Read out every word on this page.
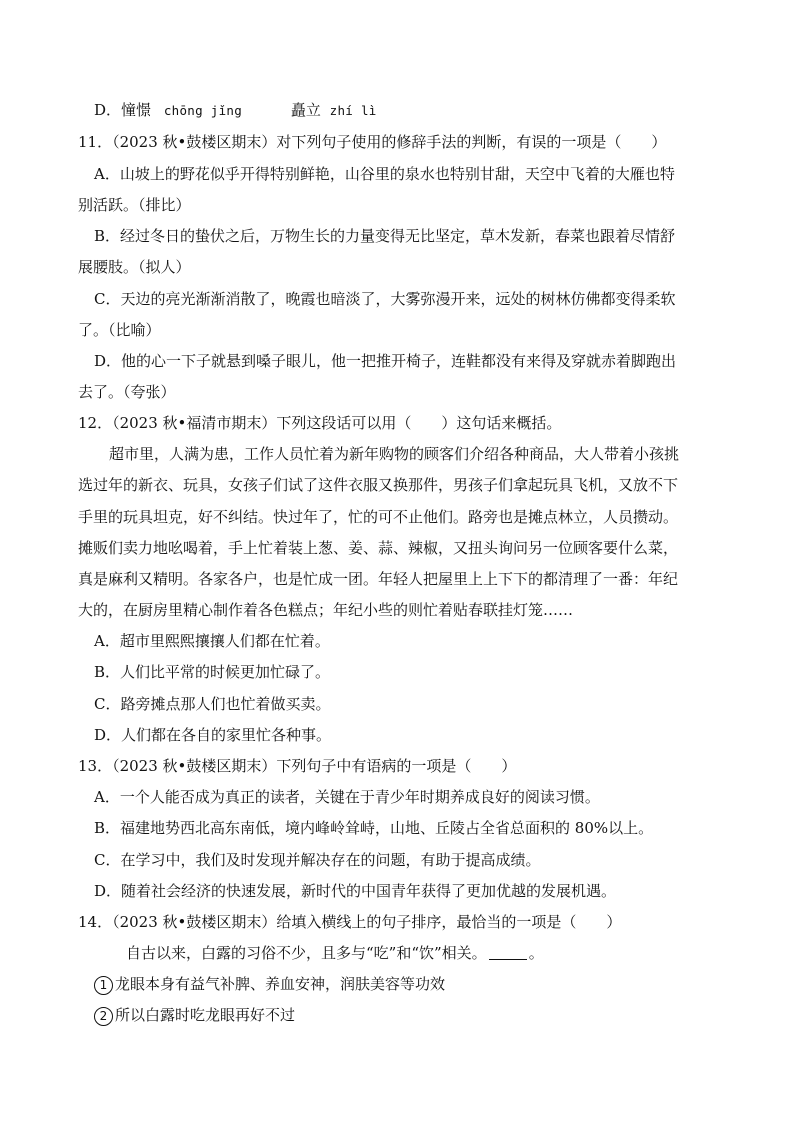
D．憧憬 chōng jǐng	矗立 zhí lì
11．（2023 秋•鼓楼区期末）对下列句子使用的修辞手法的判断，有误的一项是（　　）
A．山坡上的野花似乎开得特别鲜艳，山谷里的泉水也特别甘甜，天空中飞着的大雁也特
别活跃。（排比）
B．经过冬日的蛰伏之后，万物生长的力量变得无比坚定，草木发新，春菜也跟着尽情舒
展腰肢。（拟人）
C．天边的亮光渐渐消散了，晚霞也暗淡了，大雾弥漫开来，远处的树林仿佛都变得柔软
了。（比喻）
D．他的心一下子就悬到嗓子眼儿，他一把推开椅子，连鞋都没有来得及穿就赤着脚跑出
去了。（夸张）
12．（2023 秋•福清市期末）下列这段话可以用（　　）这句话来概括。
超市里，人满为患，工作人员忙着为新年购物的顾客们介绍各种商品，大人带着小孩挑
选过年的新衣、玩具，女孩子们试了这件衣服又换那件，男孩子们拿起玩具飞机，又放不下
手里的玩具坦克，好不纠结。快过年了，忙的可不止他们。路旁也是摊点林立，人员攒动。
摊贩们卖力地吆喝着，手上忙着装上葱、姜、蒜、辣椒，又扭头询问另一位顾客要什么菜，
真是麻利又精明。各家各户，也是忙成一团。年轻人把屋里上上下下的都清理了一番：年纪
大的，在厨房里精心制作着各色糕点；年纪小些的则忙着贴春联挂灯笼……
A．超市里熙熙攘攘人们都在忙着。
B．人们比平常的时候更加忙碌了。
C．路旁摊点那人们也忙着做买卖。
D．人们都在各自的家里忙各种事。
13．（2023 秋•鼓楼区期末）下列句子中有语病的一项是（　　）
A．一个人能否成为真正的读者，关键在于青少年时期养成良好的阅读习惯。
B．福建地势西北高东南低，境内峰岭耸峙，山地、丘陵占全省总面积的 80%以上。
C．在学习中，我们及时发现并解决存在的问题，有助于提高成绩。
D．随着社会经济的快速发展，新时代的中国青年获得了更加优越的发展机遇。
14．（2023 秋•鼓楼区期末）给填入横线上的句子排序，最恰当的一项是（　　）
自古以来，白露的习俗不少，且多与“吃”和“饮”相关。	。
1 龙眼本身有益气补脾、养血安神，润肤美容等功效
2 所以白露时吃龙眼再好不过
